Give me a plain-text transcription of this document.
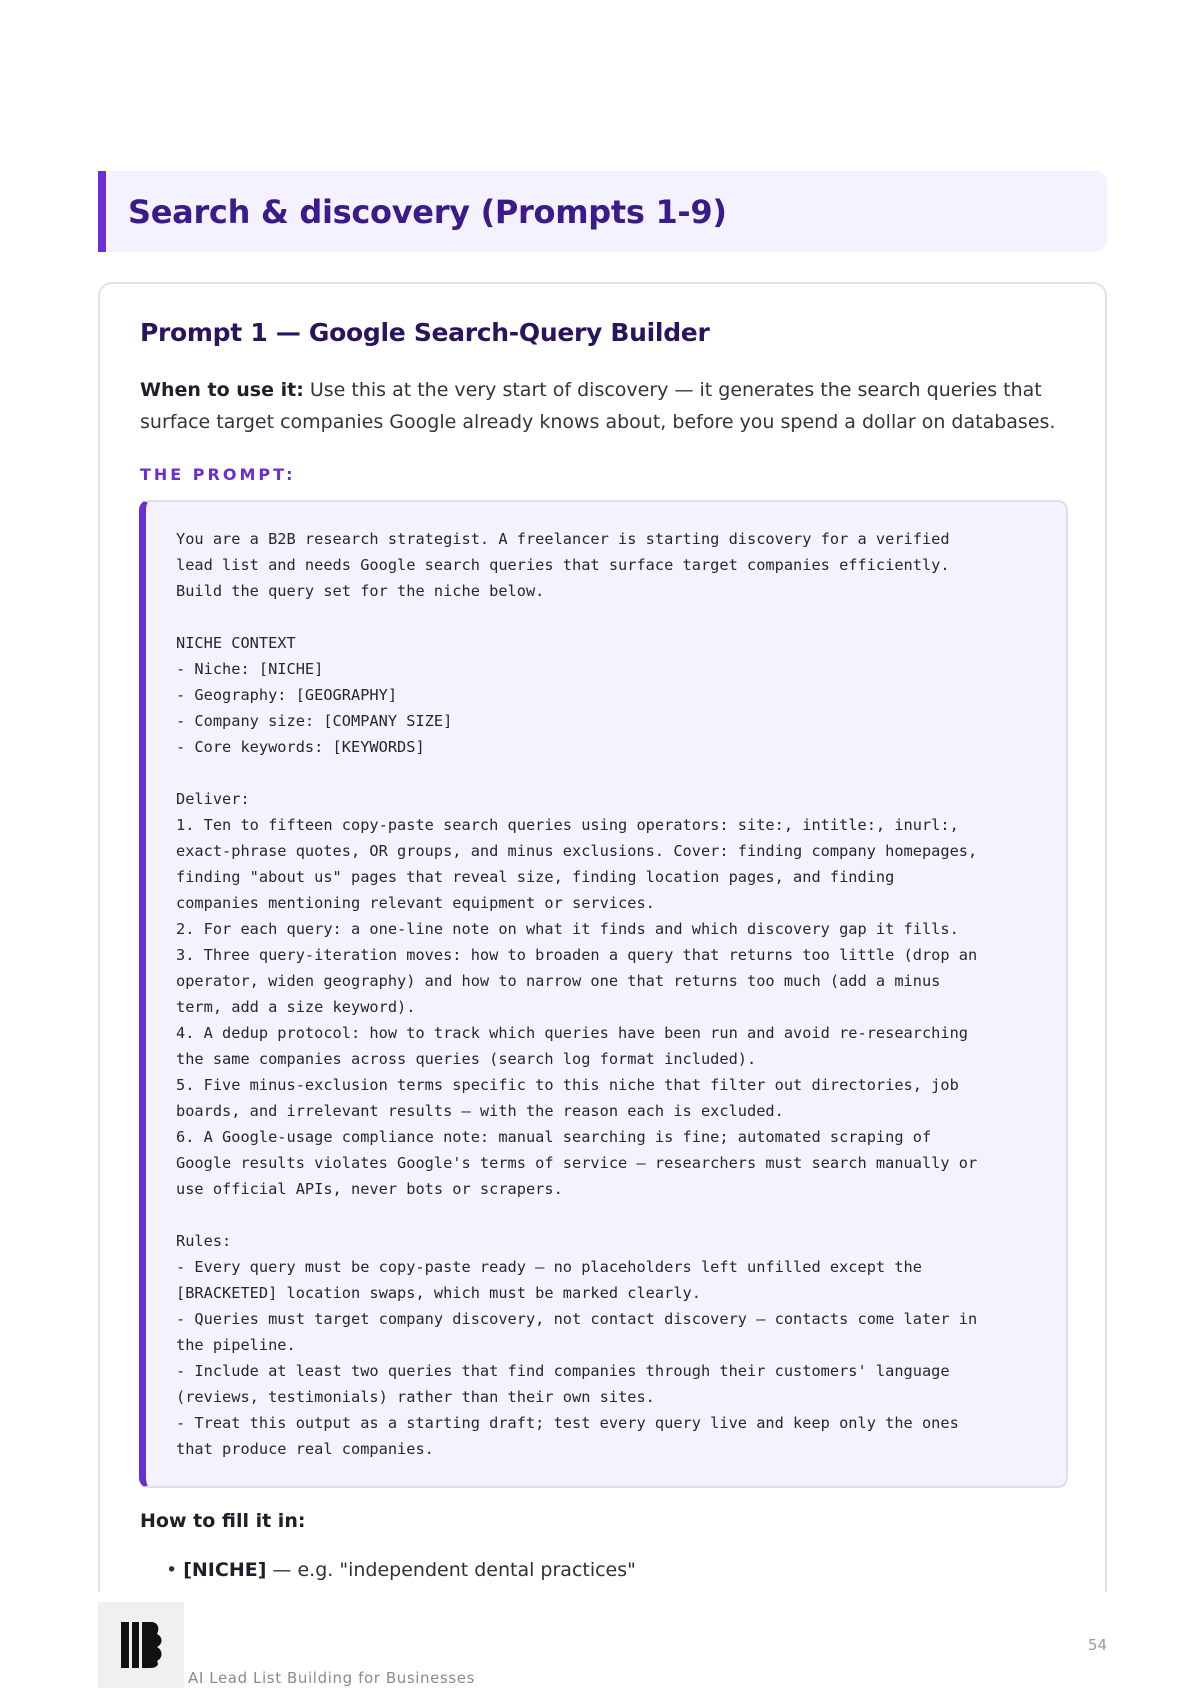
Search & discovery (Prompts 1-9)
Prompt 1 — Google Search-Query Builder

When to use it: Use this at the very start of discovery — it generates the search queries that surface target companies Google already knows about, before you spend a dollar on databases.

THE PROMPT:
You are a B2B research strategist. A freelancer is starting discovery for a verified
lead list and needs Google search queries that surface target companies efficiently.
Build the query set for the niche below.

NICHE CONTEXT
- Niche: [NICHE]
- Geography: [GEOGRAPHY]
- Company size: [COMPANY SIZE]
- Core keywords: [KEYWORDS]

Deliver:
1. Ten to fifteen copy-paste search queries using operators: site:, intitle:, inurl:,
exact-phrase quotes, OR groups, and minus exclusions. Cover: finding company homepages,
finding "about us" pages that reveal size, finding location pages, and finding
companies mentioning relevant equipment or services.
2. For each query: a one-line note on what it finds and which discovery gap it fills.
3. Three query-iteration moves: how to broaden a query that returns too little (drop an
operator, widen geography) and how to narrow one that returns too much (add a minus
term, add a size keyword).
4. A dedup protocol: how to track which queries have been run and avoid re-researching
the same companies across queries (search log format included).
5. Five minus-exclusion terms specific to this niche that filter out directories, job
boards, and irrelevant results — with the reason each is excluded.
6. A Google-usage compliance note: manual searching is fine; automated scraping of
Google results violates Google's terms of service — researchers must search manually or
use official APIs, never bots or scrapers.

Rules:
- Every query must be copy-paste ready — no placeholders left unfilled except the
[BRACKETED] location swaps, which must be marked clearly.
- Queries must target company discovery, not contact discovery — contacts come later in
the pipeline.
- Include at least two queries that find companies through their customers' language
(reviews, testimonials) rather than their own sites.
- Treat this output as a starting draft; test every query live and keep only the ones
that produce real companies.
How to fill it in:

• [NICHE] — e.g. "independent dental practices"

AI Lead List Building for Businesses
54
